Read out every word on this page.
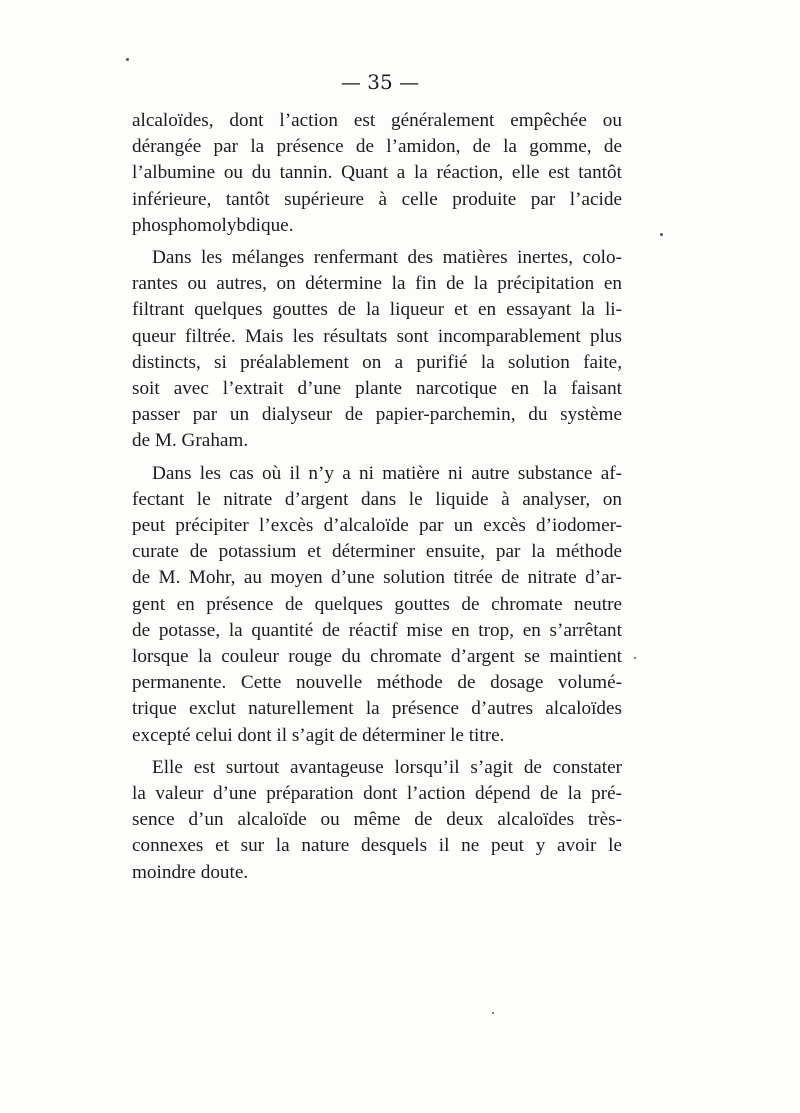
— 35 —

alcaloïdes, dont l’action est généralement empêchée ou
dérangée par la présence de l’amidon, de la gomme, de
l’albumine ou du tannin. Quant a la réaction, elle est tantôt
inférieure, tantôt supérieure à celle produite par l’acide
phosphomolybdique.

Dans les mélanges renfermant des matières inertes, colo-
rantes ou autres, on détermine la fin de la précipitation en
filtrant quelques gouttes de la liqueur et en essayant la li-
queur filtrée. Mais les résultats sont incomparablement plus
distincts, si préalablement on a purifié la solution faite,
soit avec l’extrait d’une plante narcotique en la faisant
passer par un dialyseur de papier-parchemin, du système
de M. Graham.

Dans les cas où il n’y a ni matière ni autre substance af-
fectant le nitrate d’argent dans le liquide à analyser, on
peut précipiter l’excès d’alcaloïde par un excès d’iodomer-
curate de potassium et déterminer ensuite, par la méthode
de M. Mohr, au moyen d’une solution titrée de nitrate d’ar-
gent en présence de quelques gouttes de chromate neutre
de potasse, la quantité de réactif mise en trop, en s’arrêtant
lorsque la couleur rouge du chromate d’argent se maintient
permanente. Cette nouvelle méthode de dosage volumé-
trique exclut naturellement la présence d’autres alcaloïdes
excepté celui dont il s’agit de déterminer le titre.

Elle est surtout avantageuse lorsqu’il s’agit de constater
la valeur d’une préparation dont l’action dépend de la pré-
sence d’un alcaloïde ou même de deux alcaloïdes très-
connexes et sur la nature desquels il ne peut y avoir le
moindre doute.
